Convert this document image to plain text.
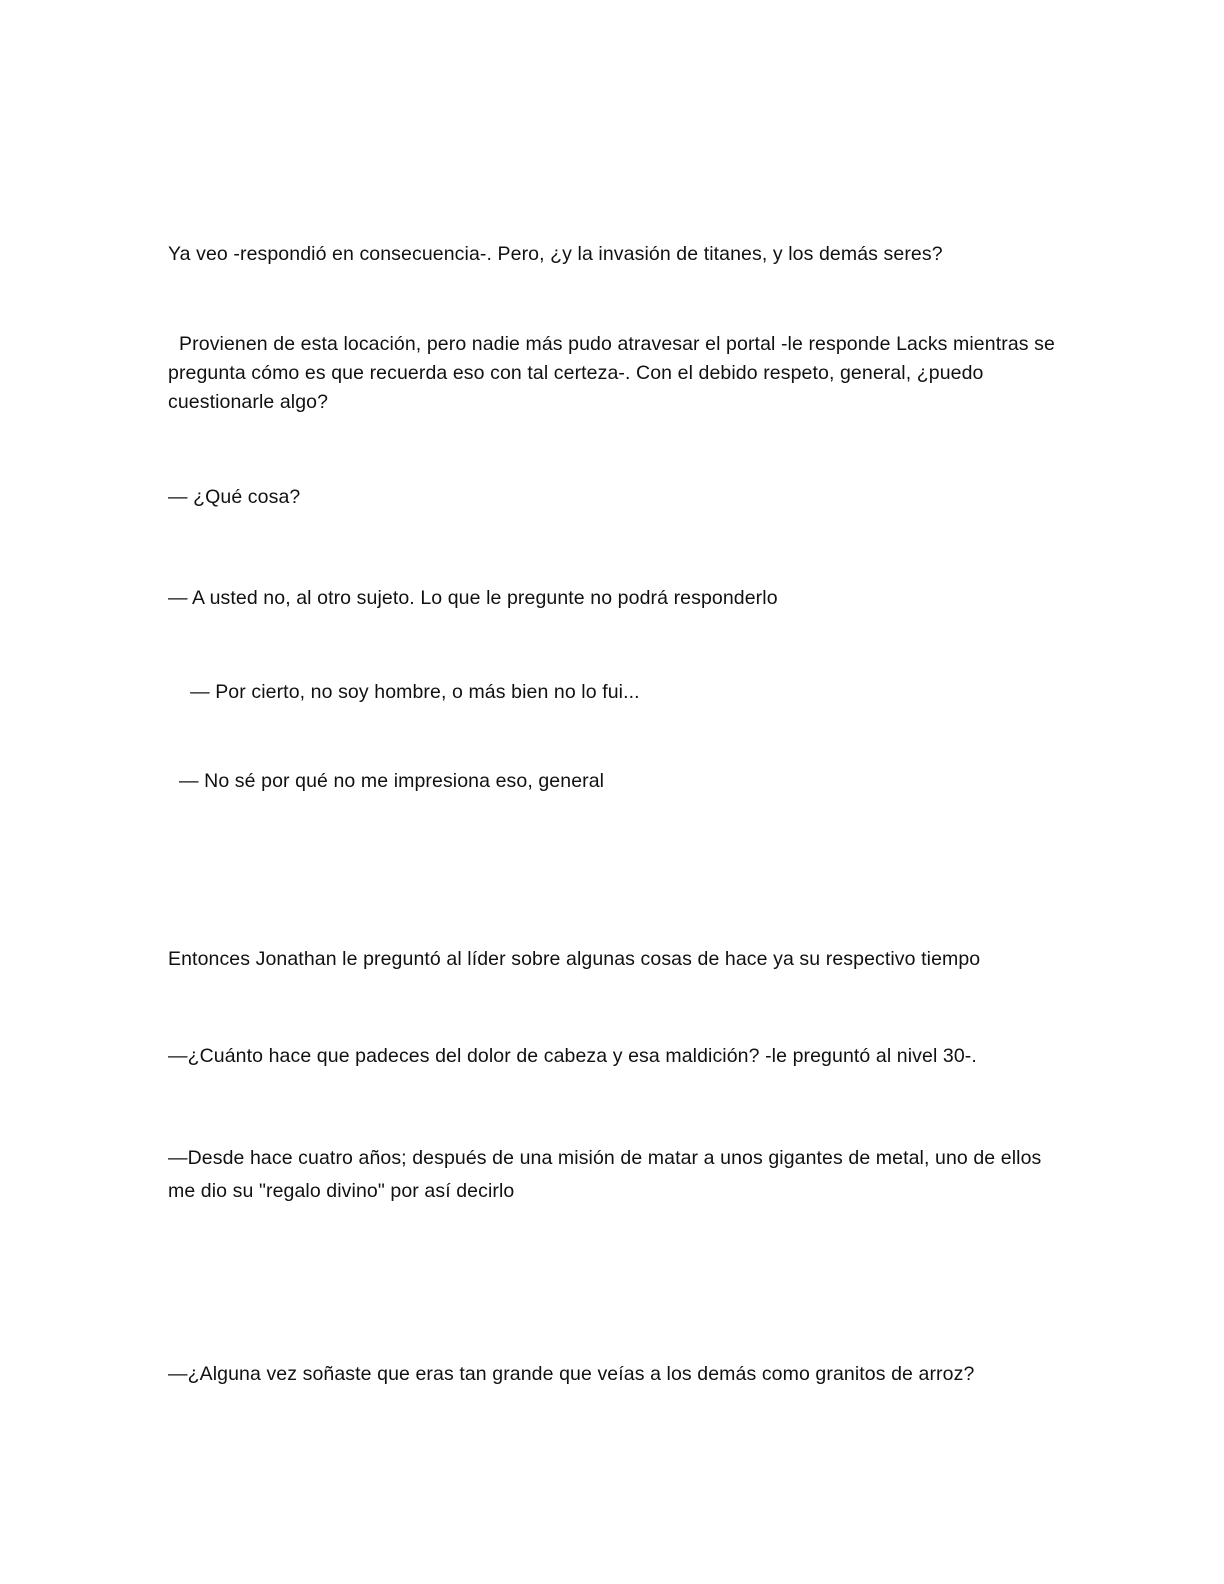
Ya veo -respondió en consecuencia-. Pero, ¿y la invasión de titanes, y los demás seres?
Provienen de esta locación, pero nadie más pudo atravesar el portal -le responde Lacks mientras se pregunta cómo es que recuerda eso con tal certeza-. Con el debido respeto, general, ¿puedo cuestionarle algo?
— ¿Qué cosa?
— A usted no, al otro sujeto. Lo que le pregunte no podrá responderlo
— Por cierto, no soy hombre, o más bien no lo fui...
— No sé por qué no me impresiona eso, general
Entonces Jonathan le preguntó al líder sobre algunas cosas de hace ya su respectivo tiempo
—¿Cuánto hace que padeces del dolor de cabeza y esa maldición? -le preguntó al nivel 30-.
—Desde hace cuatro años; después de una misión de matar a unos gigantes de metal, uno de ellos me dio su "regalo divino" por así decirlo
—¿Alguna vez soñaste que eras tan grande que veías a los demás como granitos de arroz?
